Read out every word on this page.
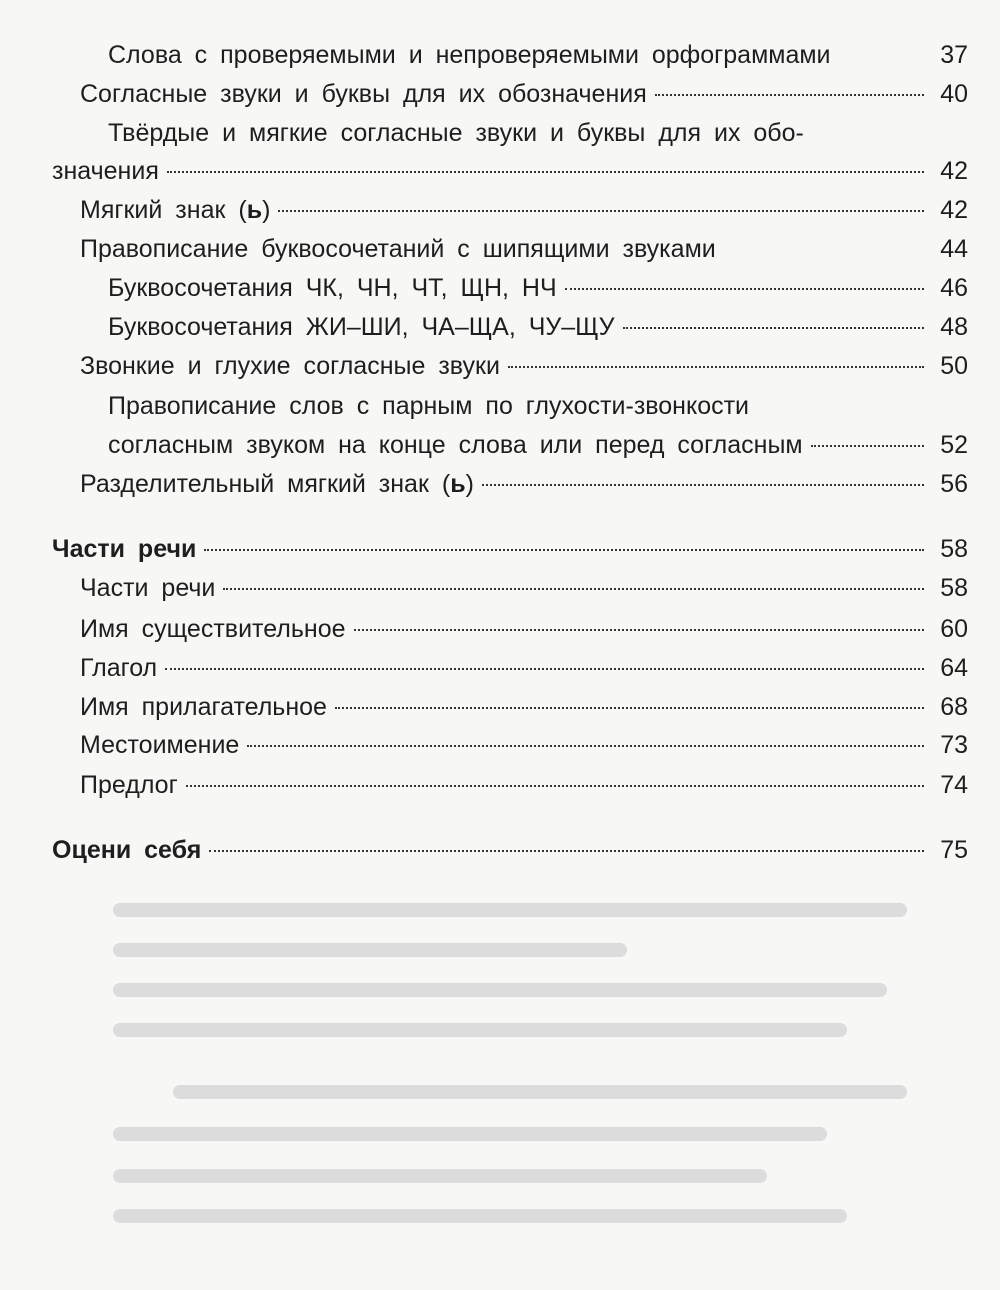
Слова с проверяемыми и непроверяемыми орфограммами	37
Согласные звуки и буквы для их обозначения	40
Твёрдые и мягкие согласные звуки и буквы для их обо-
значения	42
Мягкий знак (ь)	42
Правописание буквосочетаний с шипящими звуками	44
Буквосочетания ЧК, ЧН, ЧТ, ЩН, НЧ	46
Буквосочетания ЖИ–ШИ, ЧА–ЩА, ЧУ–ЩУ	48
Звонкие и глухие согласные звуки	50
Правописание слов с парным по глухости-звонкости
согласным звуком на конце слова или перед согласным	52
Разделительный мягкий знак (ь)	56
Части речи	58
Части речи	58
Имя существительное	60
Глагол	64
Имя прилагательное	68
Местоимение	73
Предлог	74
Оцени себя	75
